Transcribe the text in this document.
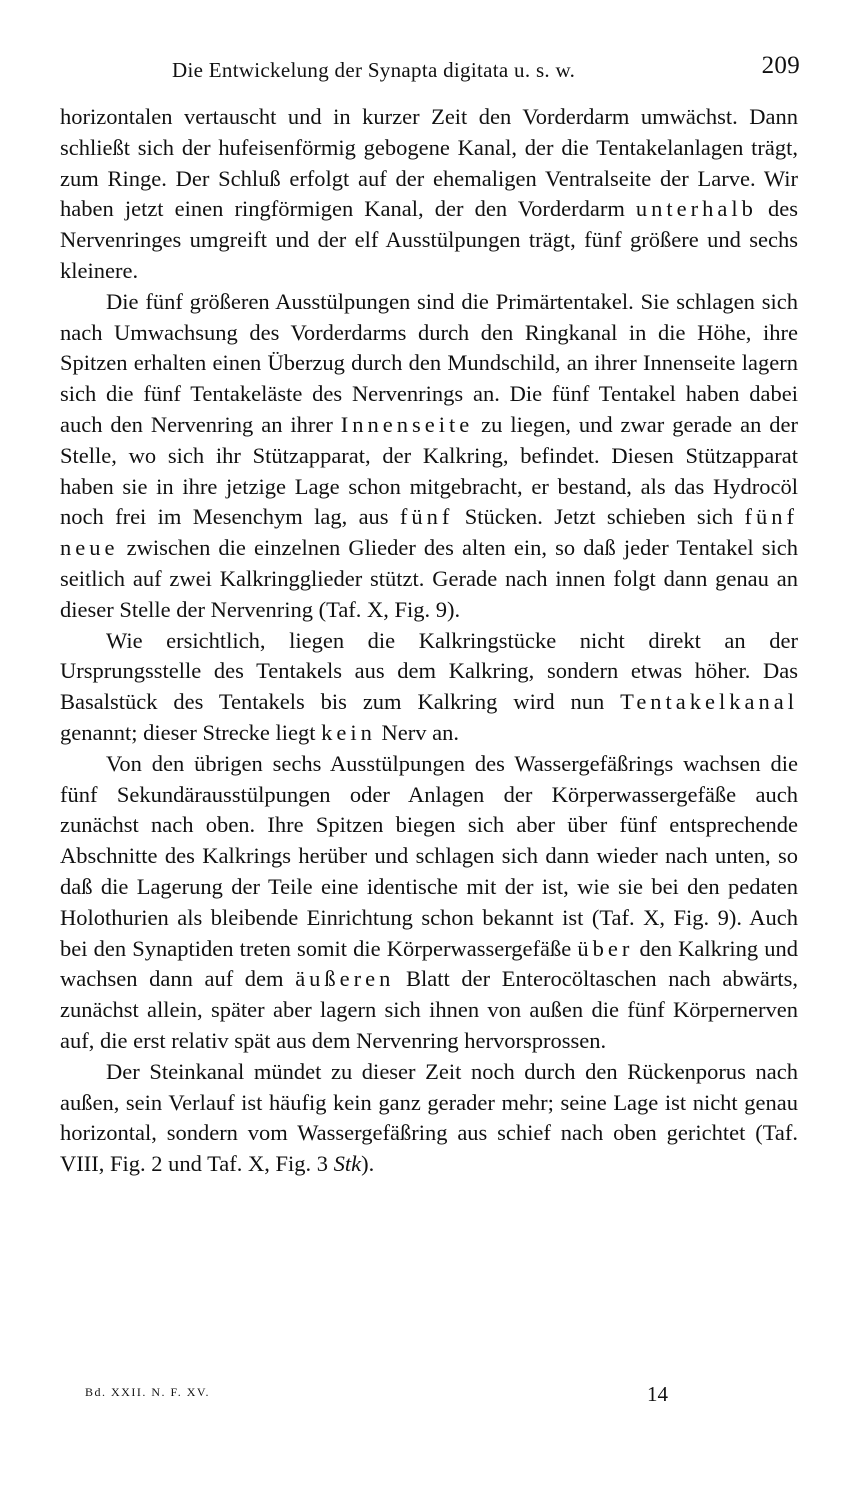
Die Entwickelung der Synapta digitata u. s. w.	209

horizontalen vertauscht und in kurzer Zeit den Vorderdarm umwächst. Dann schließt sich der hufeisenförmig gebogene Kanal, der die Tentakelanlagen trägt, zum Ringe. Der Schluß erfolgt auf der ehemaligen Ventralseite der Larve. Wir haben jetzt einen ringförmigen Kanal, der den Vorderdarm unterhalb des Nervenringes umgreift und der elf Ausstülpungen trägt, fünf größere und sechs kleinere.

Die fünf größeren Ausstülpungen sind die Primärtentakel. Sie schlagen sich nach Umwachsung des Vorderdarms durch den Ringkanal in die Höhe, ihre Spitzen erhalten einen Überzug durch den Mundschild, an ihrer Innenseite lagern sich die fünf Tentakeläste des Nervenrings an. Die fünf Tentakel haben dabei auch den Nervenring an ihrer Innenseite zu liegen, und zwar gerade an der Stelle, wo sich ihr Stützapparat, der Kalkring, befindet. Diesen Stützapparat haben sie in ihre jetzige Lage schon mitgebracht, er bestand, als das Hydrocöl noch frei im Mesenchym lag, aus fünf Stücken. Jetzt schieben sich fünf neue zwischen die einzelnen Glieder des alten ein, so daß jeder Tentakel sich seitlich auf zwei Kalkringglieder stützt. Gerade nach innen folgt dann genau an dieser Stelle der Nervenring (Taf. X, Fig. 9).

Wie ersichtlich, liegen die Kalkringstücke nicht direkt an der Ursprungsstelle des Tentakels aus dem Kalkring, sondern etwas höher. Das Basalstück des Tentakels bis zum Kalkring wird nun Tentakelkanal genannt; dieser Strecke liegt kein Nerv an.

Von den übrigen sechs Ausstülpungen des Wassergefäßrings wachsen die fünf Sekundärausstülpungen oder Anlagen der Körperwassergefäße auch zunächst nach oben. Ihre Spitzen biegen sich aber über fünf entsprechende Abschnitte des Kalkrings herüber und schlagen sich dann wieder nach unten, so daß die Lagerung der Teile eine identische mit der ist, wie sie bei den pedaten Holothurien als bleibende Einrichtung schon bekannt ist (Taf. X, Fig. 9). Auch bei den Synaptiden treten somit die Körperwassergefäße über den Kalkring und wachsen dann auf dem äußeren Blatt der Enterocöltaschen nach abwärts, zunächst allein, später aber lagern sich ihnen von außen die fünf Körpernerven auf, die erst relativ spät aus dem Nervenring hervorsprossen.

Der Steinkanal mündet zu dieser Zeit noch durch den Rückenporus nach außen, sein Verlauf ist häufig kein ganz gerader mehr; seine Lage ist nicht genau horizontal, sondern vom Wassergefäßring aus schief nach oben gerichtet (Taf. VIII, Fig. 2 und Taf. X, Fig. 3 Stk).

Bd. XXII. N. F. XV.	14
